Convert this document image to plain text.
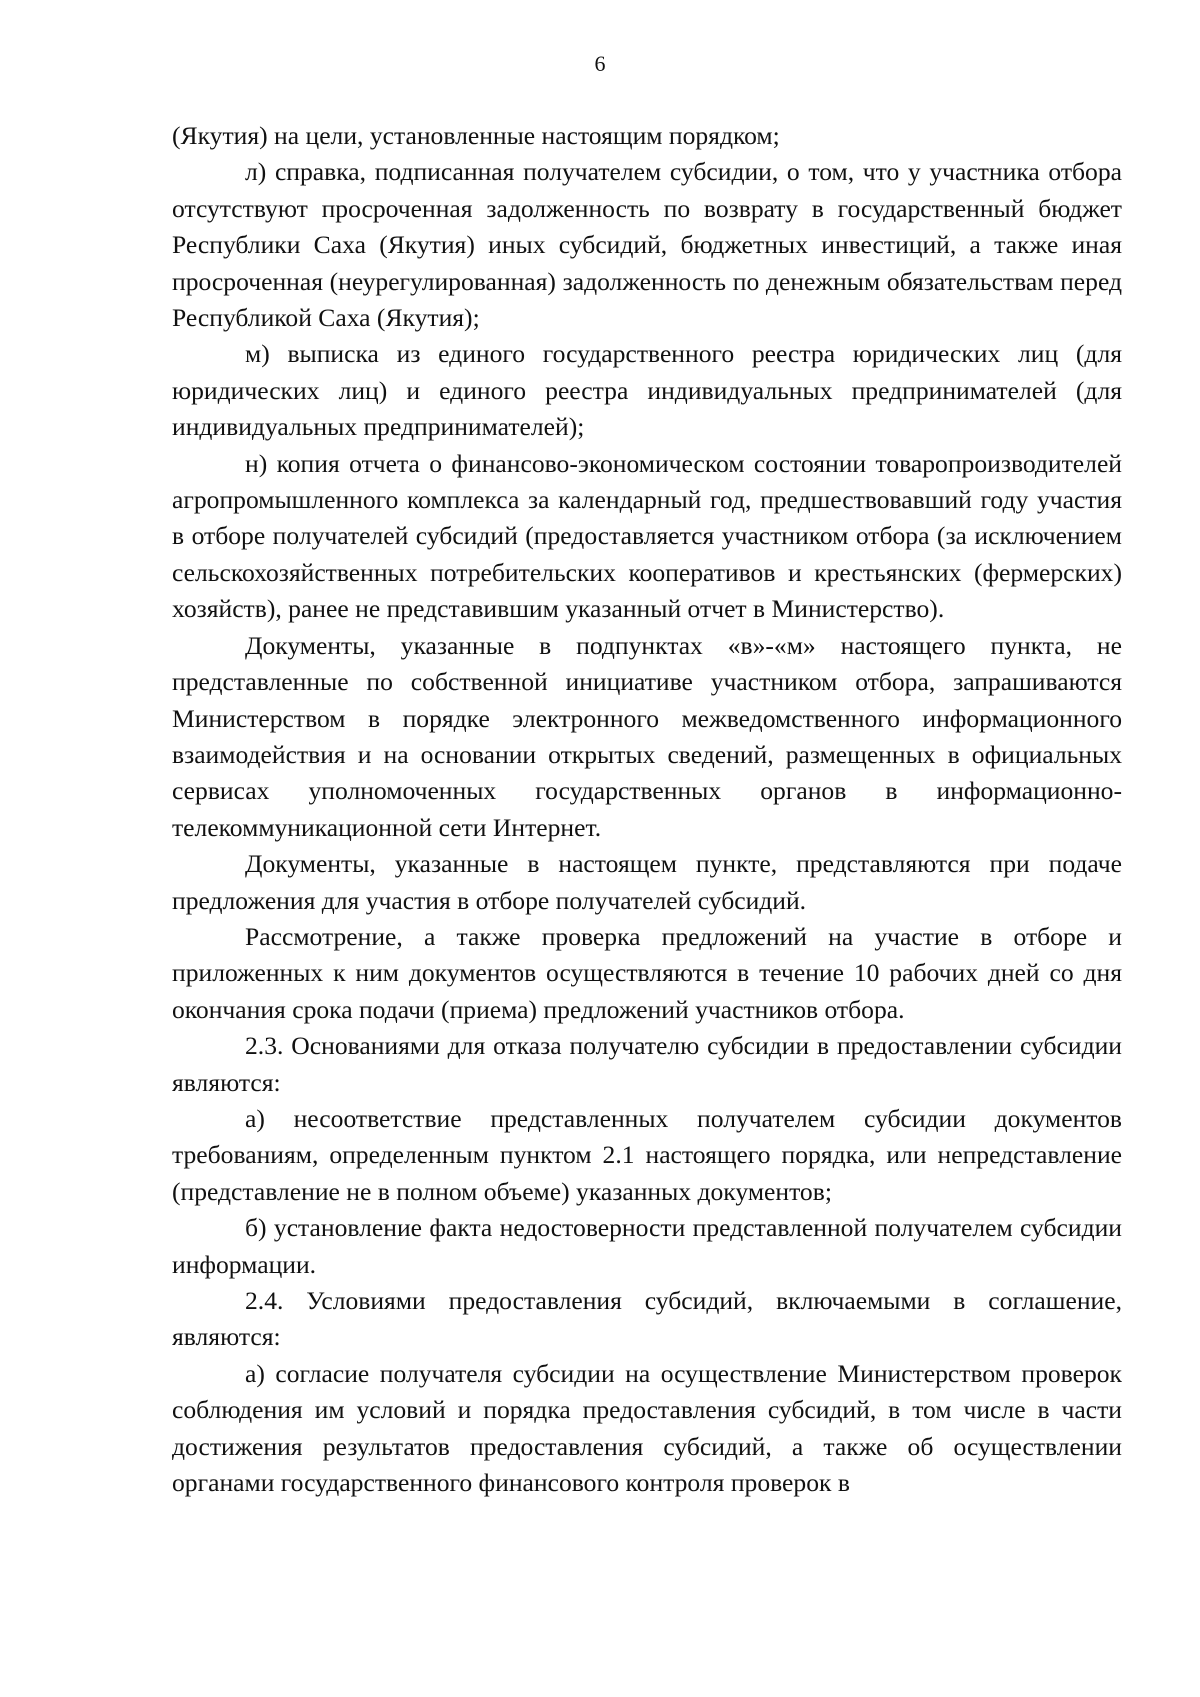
6

(Якутия) на цели, установленные настоящим порядком;

л) справка, подписанная получателем субсидии, о том, что у участника отбора отсутствуют просроченная задолженность по возврату в государственный бюджет Республики Саха (Якутия) иных субсидий, бюджетных инвестиций, а также иная просроченная (неурегулированная) задолженность по денежным обязательствам перед Республикой Саха (Якутия);

м) выписка из единого государственного реестра юридических лиц (для юридических лиц) и единого реестра индивидуальных предпринимателей (для индивидуальных предпринимателей);

н) копия отчета о финансово-экономическом состоянии товаропроизводителей агропромышленного комплекса за календарный год, предшествовавший году участия в отборе получателей субсидий (предоставляется участником отбора (за исключением сельскохозяйственных потребительских кооперативов и крестьянских (фермерских) хозяйств), ранее не представившим указанный отчет в Министерство).

Документы, указанные в подпунктах «в»-«м» настоящего пункта, не представленные по собственной инициативе участником отбора, запрашиваются Министерством в порядке электронного межведомственного информационного взаимодействия и на основании открытых сведений, размещенных в официальных сервисах уполномоченных государственных органов в информационно-телекоммуникационной сети Интернет.

Документы, указанные в настоящем пункте, представляются при подаче предложения для участия в отборе получателей субсидий.

Рассмотрение, а также проверка предложений на участие в отборе и приложенных к ним документов осуществляются в течение 10 рабочих дней со дня окончания срока подачи (приема) предложений участников отбора.

2.3. Основаниями для отказа получателю субсидии в предоставлении субсидии являются:

а) несоответствие представленных получателем субсидии документов требованиям, определенным пунктом 2.1 настоящего порядка, или непредставление (представление не в полном объеме) указанных документов;

б) установление факта недостоверности представленной получателем субсидии информации.

2.4. Условиями предоставления субсидий, включаемыми в соглашение, являются:

а) согласие получателя субсидии на осуществление Министерством проверок соблюдения им условий и порядка предоставления субсидий, в том числе в части достижения результатов предоставления субсидий, а также об осуществлении органами государственного финансового контроля проверок в
